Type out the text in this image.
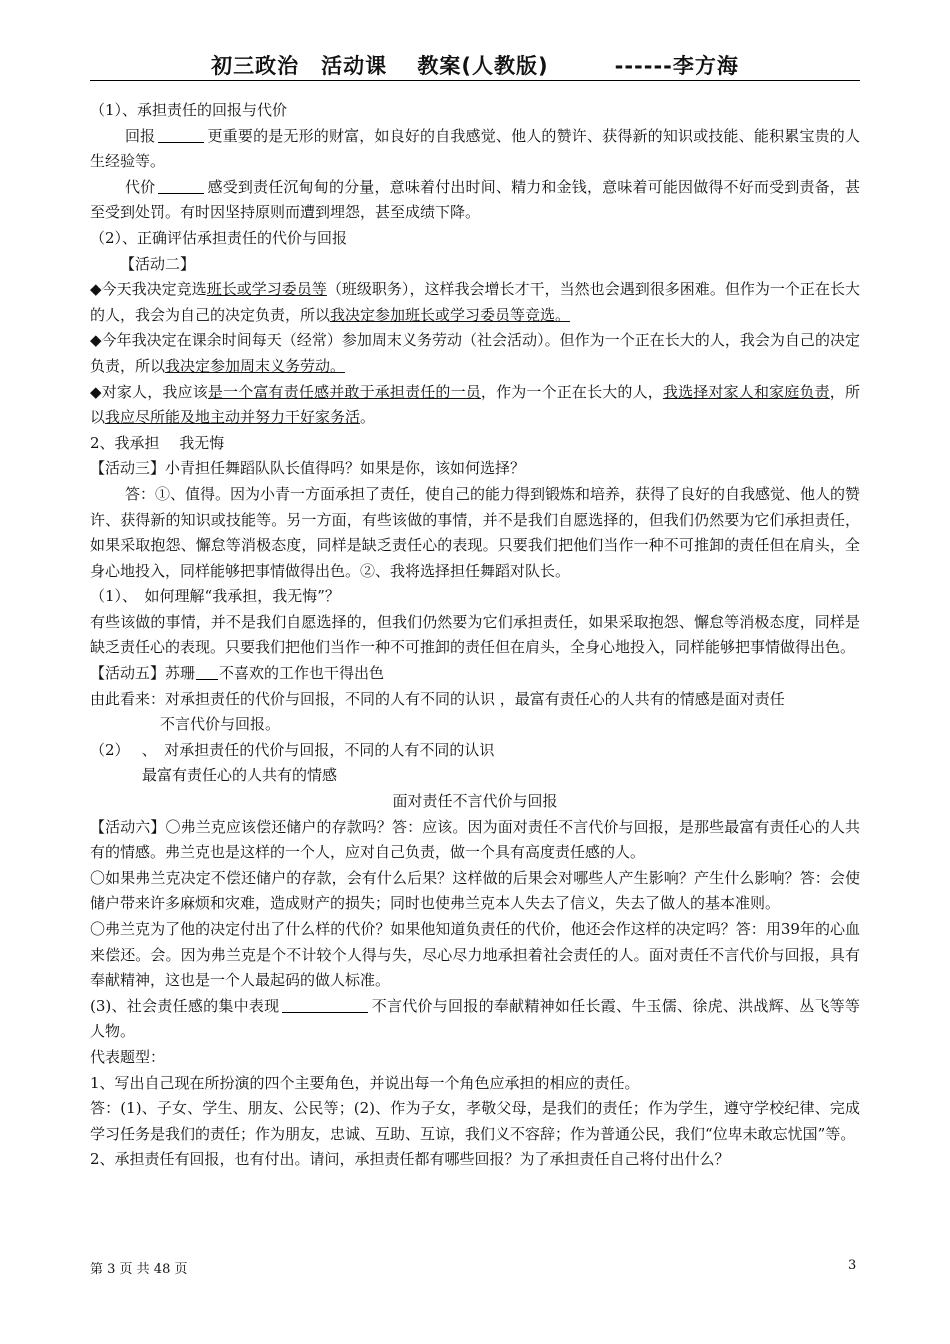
初三政治　活动课　 教案(人教版)　　　------李方海

（1）、承担责任的回报与代价

回报	更重要的是无形的财富，如良好的自我感觉、他人的赞许、获得新的知识或技能、能积累宝贵的人生经验等。

代价	感受到责任沉甸甸的分量，意味着付出时间、精力和金钱，意味着可能因做得不好而受到责备，甚至受到处罚。有时因坚持原则而遭到埋怨，甚至成绩下降。

（2）、正确评估承担责任的代价与回报

【活动二】

◆今天我决定竞选班长或学习委员等（班级职务），这样我会增长才干，当然也会遇到很多困难。但作为一个正在长大的人，我会为自己的决定负责，所以我决定参加班长或学习委员等竞选。

◆今年我决定在课余时间每天（经常）参加周末义务劳动（社会活动）。但作为一个正在长大的人，我会为自己的决定负责，所以我决定参加周末义务劳动。

◆对家人，我应该是一个富有责任感并敢于承担责任的一员，作为一个正在长大的人，我选择对家人和家庭负责，所以我应尽所能及地主动并努力干好家务活。

2、我承担　 我无悔

【活动三】小青担任舞蹈队队长值得吗？如果是你，该如何选择？

答：①、值得。因为小青一方面承担了责任，使自己的能力得到锻炼和培养，获得了良好的自我感觉、他人的赞许、获得新的知识或技能等。另一方面，有些该做的事情，并不是我们自愿选择的，但我们仍然要为它们承担责任，如果采取抱怨、懈怠等消极态度，同样是缺乏责任心的表现。只要我们把他们当作一种不可推卸的责任但在肩头，全身心地投入，同样能够把事情做得出色。②、我将选择担任舞蹈对队长。

（1）、　如何理解“我承担，我无悔”？

有些该做的事情，并不是我们自愿选择的，但我们仍然要为它们承担责任，如果采取抱怨、懈怠等消极态度，同样是缺乏责任心的表现。只要我们把他们当作一种不可推卸的责任但在肩头，全身心地投入，同样能够把事情做得出色。

【活动五】苏珊 不喜欢的工作也干得出色

由此看来：对承担责任的代价与回报，不同的人有不同的认识 ，最富有责任心的人共有的情感是面对责任

不言代价与回报。

（2）　 、　对承担责任的代价与回报，不同的人有不同的认识

最富有责任心的人共有的情感

面对责任不言代价与回报

【活动六】〇弗兰克应该偿还储户的存款吗？答：应该。因为面对责任不言代价与回报，是那些最富有责任心的人共有的情感。弗兰克也是这样的一个人，应对自己负责，做一个具有高度责任感的人。

〇如果弗兰克决定不偿还储户的存款，会有什么后果？这样做的后果会对哪些人产生影响？产生什么影响？答：会使储户带来许多麻烦和灾难，造成财产的损失；同时也使弗兰克本人失去了信义，失去了做人的基本准则。

〇弗兰克为了他的决定付出了什么样的代价？如果他知道负责任的代价，他还会作这样的决定吗？答：用39年的心血来偿还。会。因为弗兰克是个不计较个人得与失，尽心尽力地承担着社会责任的人。面对责任不言代价与回报，具有奉献精神，这也是一个人最起码的做人标准。

(3)、社会责任感的集中表现	不言代价与回报的奉献精神如任长霞、牛玉儒、徐虎、洪战辉、丛飞等等人物。

代表题型：

1、写出自己现在所扮演的四个主要角色，并说出每一个角色应承担的相应的责任。

答：(1)、子女、学生、朋友、公民等；(2)、作为子女，孝敬父母，是我们的责任；作为学生，遵守学校纪律、完成学习任务是我们的责任；作为朋友，忠诚、互助、互谅，我们义不容辞；作为普通公民，我们“位卑未敢忘忧国”等。

2、承担责任有回报，也有付出。请问，承担责任都有哪些回报？为了承担责任自己将付出什么？

第 3 页 共 48 页	3
